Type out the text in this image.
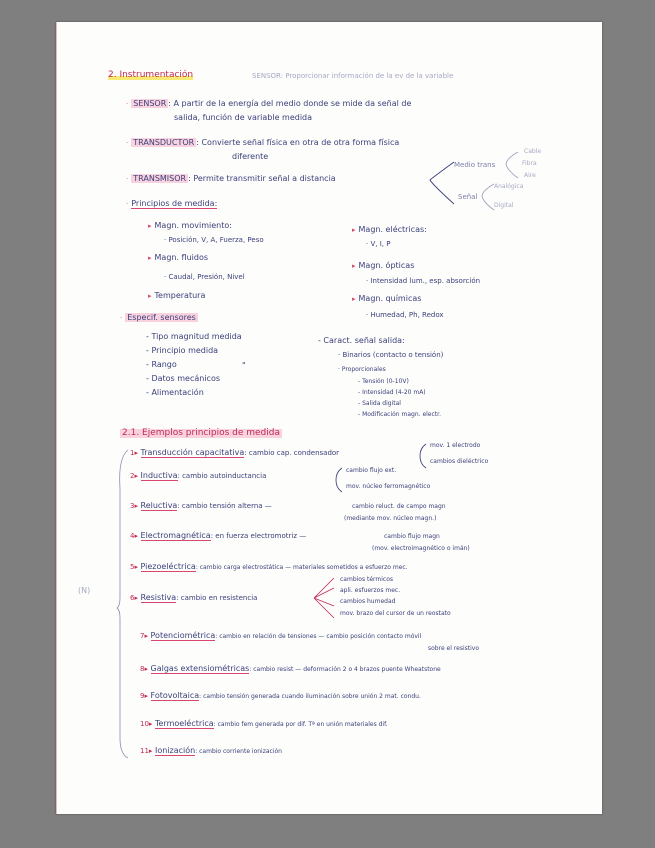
2. Instrumentación	SENSOR: Proporcionar información de la ev de la variable
· SENSOR : A partir de la energía del medio donde se mide da señal de
salida, función de variable medida
· TRANSDUCTOR : Convierte señal física en otra de otra forma física
diferente
· TRANSMISOR : Permite transmitir señal a distancia
Medio trans
Cable
Fibra
Aire
Señal
Analógica
Digital
· Principios de medida:
▸ Magn. movimiento:
· Posición, V, A, Fuerza, Peso
▸ Magn. fluidos
· Caudal, Presión, Nivel
▸ Temperatura
▸ Magn. eléctricas:
· V, I, P
▸ Magn. ópticas
· Intensidad lum., esp. absorción
▸ Magn. químicas
· Humedad, Ph, Redox
· Especif. sensores
- Tipo magnitud medida
- Principio medida
- Rango	"
- Datos mecánicos
- Alimentación
- Caract. señal salida:
· Binarios (contacto o tensión)
· Proporcionales
- Tensión (0-10V)
- Intensidad (4-20 mA)
- Salida digital
- Modificación magn. electr.
2.1. Ejemplos principios de medida
(N)
1▸ Transducción capacitativa: cambio cap. condensador
mov. 1 electrodo
cambios dieléctrico
2▸ Inductiva: cambio autoinductancia
cambio flujo ext.
mov. núcleo ferromagnético
3▸ Reluctiva: cambio tensión alterna —	cambio reluct. de campo magn
(mediante mov. núcleo magn.)
4▸ Electromagnética: en fuerza electromotriz —	cambio flujo magn
(mov. electroimagnético o imán)
5▸ Piezoeléctrica: cambio carga electrostática — materiales sometidos a esfuerzo mec.
6▸ Resistiva: cambio en resistencia
cambios térmicos
apli. esfuerzos mec.
cambios humedad
mov. brazo del cursor de un reostato
7▸ Potenciométrica: cambio en relación de tensiones — cambio posición contacto móvil
sobre el resistivo
8▸ Galgas extensiométricas: cambio resist — deformación 2 o 4 brazos puente Wheatstone
9▸ Fotovoltaica: cambio tensión generada cuando iluminación sobre unión 2 mat. condu.
10▸ Termoeléctrica: cambio fem generada por dif. Tª en unión materiales dif.
11▸ Ionización: cambio corriente ionización
